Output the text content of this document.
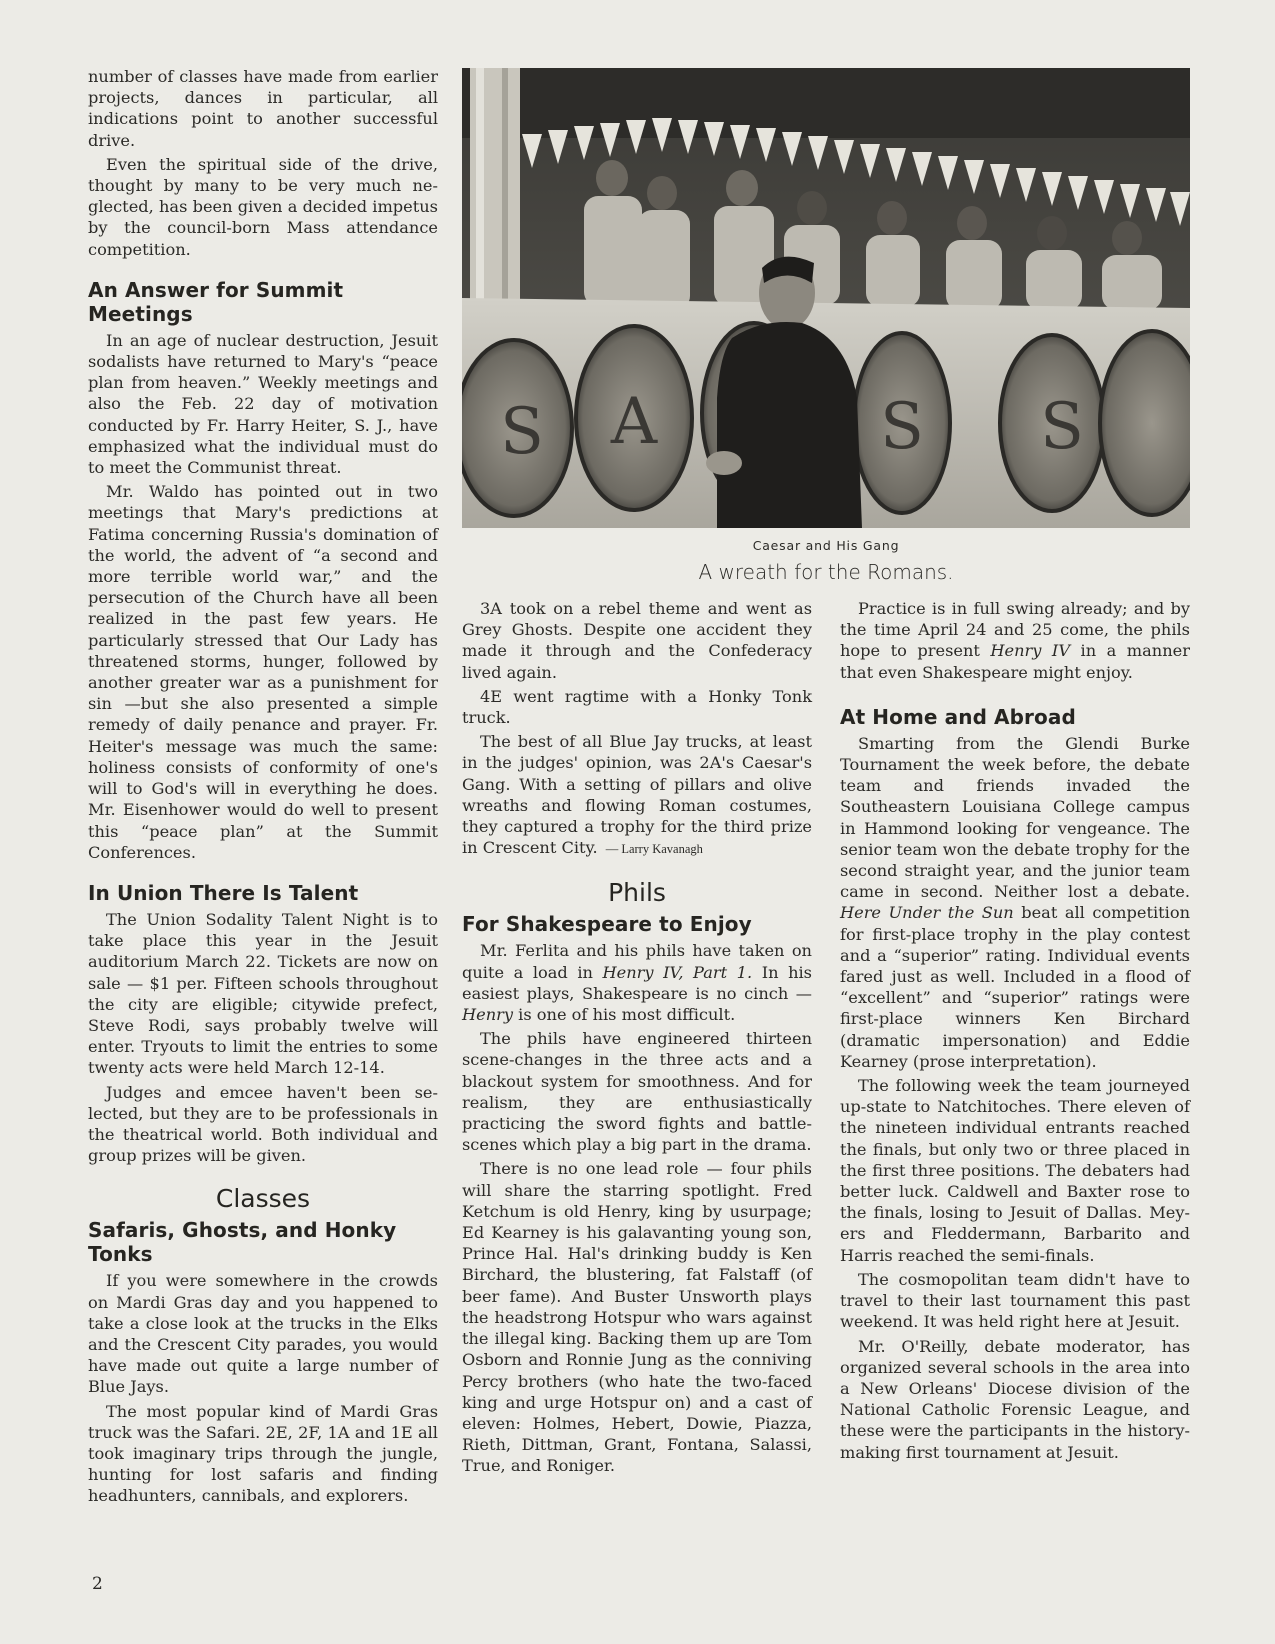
number of classes have made from earlier projects, dances in particular, all indications point to another successful drive.

Even the spiritual side of the drive, thought by many to be very much neglected, has been given a decided impetus by the council-born Mass attendance competition.

An Answer for Summit Meetings

In an age of nuclear destruction, Jesuit sodalists have returned to Mary's “peace plan from heaven.” Weekly meetings and also the Feb. 22 day of motivation conducted by Fr. Harry Heiter, S. J., have emphasized what the individual must do to meet the Communist threat.

Mr. Waldo has pointed out in two meetings that Mary's predictions at Fatima concerning Russia's domination of the world, the advent of “a second and more terrible world war,” and the persecution of the Church have all been realized in the past few years. He particularly stressed that Our Lady has threatened storms, hunger, followed by another greater war as a punishment for sin —but she also presented a simple remedy of daily penance and prayer. Fr. Heiter's message was much the same: holiness consists of conformity of one's will to God's will in everything he does. Mr. Eisenhower would do well to present this “peace plan” at the Summit Conferences.

In Union There Is Talent

The Union Sodality Talent Night is to take place this year in the Jesuit auditorium March 22. Tickets are now on sale — $1 per. Fifteen schools throughout the city are eligible; citywide prefect, Steve Rodi, says probably twelve will enter. Tryouts to limit the entries to some twenty acts were held March 12-14.

Judges and emcee haven't been selected, but they are to be professionals in the theatrical world. Both individual and group prizes will be given.

Classes
Safaris, Ghosts, and Honky Tonks

If you were somewhere in the crowds on Mardi Gras day and you happened to take a close look at the trucks in the Elks and the Crescent City parades, you would have made out quite a large number of Blue Jays.

The most popular kind of Mardi Gras truck was the Safari. 2E, 2F, 1A and 1E all took imaginary trips through the jungle, hunting for lost safaris and finding headhunters, cannibals, and explorers.

S A	S S
Caesar and His Gang
A wreath for the Romans.

3A took on a rebel theme and went as Grey Ghosts. Despite one accident they made it through and the Confederacy lived again.

4E went ragtime with a Honky Tonk truck.

The best of all Blue Jay trucks, at least in the judges' opinion, was 2A's Caesar's Gang. With a setting of pillars and olive wreaths and flowing Roman costumes, they captured a trophy for the third prize in Crescent City. — Larry Kavanagh

Phils
For Shakespeare to Enjoy

Mr. Ferlita and his phils have taken on quite a load in Henry IV, Part 1. In his easiest plays, Shakespeare is no cinch — Henry is one of his most difficult.

The phils have engineered thirteen scene-changes in the three acts and a blackout system for smoothness. And for realism, they are enthusiastically practicing the sword fights and battle-scenes which play a big part in the drama.

There is no one lead role — four phils will share the starring spotlight. Fred Ketchum is old Henry, king by usurpage; Ed Kearney is his galavanting young son, Prince Hal. Hal's drinking buddy is Ken Birchard, the blustering, fat Falstaff (of beer fame). And Buster Unsworth plays the headstrong Hotspur who wars against the illegal king. Backing them up are Tom Osborn and Ronnie Jung as the conniving Percy brothers (who hate the two-faced king and urge Hotspur on) and a cast of eleven: Holmes, Hebert, Dowie, Piazza, Rieth, Dittman, Grant, Fontana, Salassi, True, and Roniger.

Practice is in full swing already; and by the time April 24 and 25 come, the phils hope to present Henry IV in a manner that even Shakespeare might enjoy.

At Home and Abroad

Smarting from the Glendi Burke Tournament the week before, the debate team and friends invaded the Southeastern Louisiana College campus in Hammond looking for vengeance. The senior team won the debate trophy for the second straight year, and the junior team came in second. Neither lost a debate. Here Under the Sun beat all competition for first-place trophy in the play contest and a “superior” rating. Individual events fared just as well. Included in a flood of “excellent” and “superior” ratings were first-place winners Ken Birchard (dramatic impersonation) and Eddie Kearney (prose interpretation).

The following week the team journeyed up-state to Natchitoches. There eleven of the nineteen individual entrants reached the finals, but only two or three placed in the first three positions. The debaters had better luck. Caldwell and Baxter rose to the finals, losing to Jesuit of Dallas. Meyers and Fleddermann, Barbarito and Harris reached the semi-finals.

The cosmopolitan team didn't have to travel to their last tournament this past weekend. It was held right here at Jesuit.

Mr. O'Reilly, debate moderator, has organized several schools in the area into a New Orleans' Diocese division of the National Catholic Forensic League, and these were the participants in the history-making first tournament at Jesuit.

2
